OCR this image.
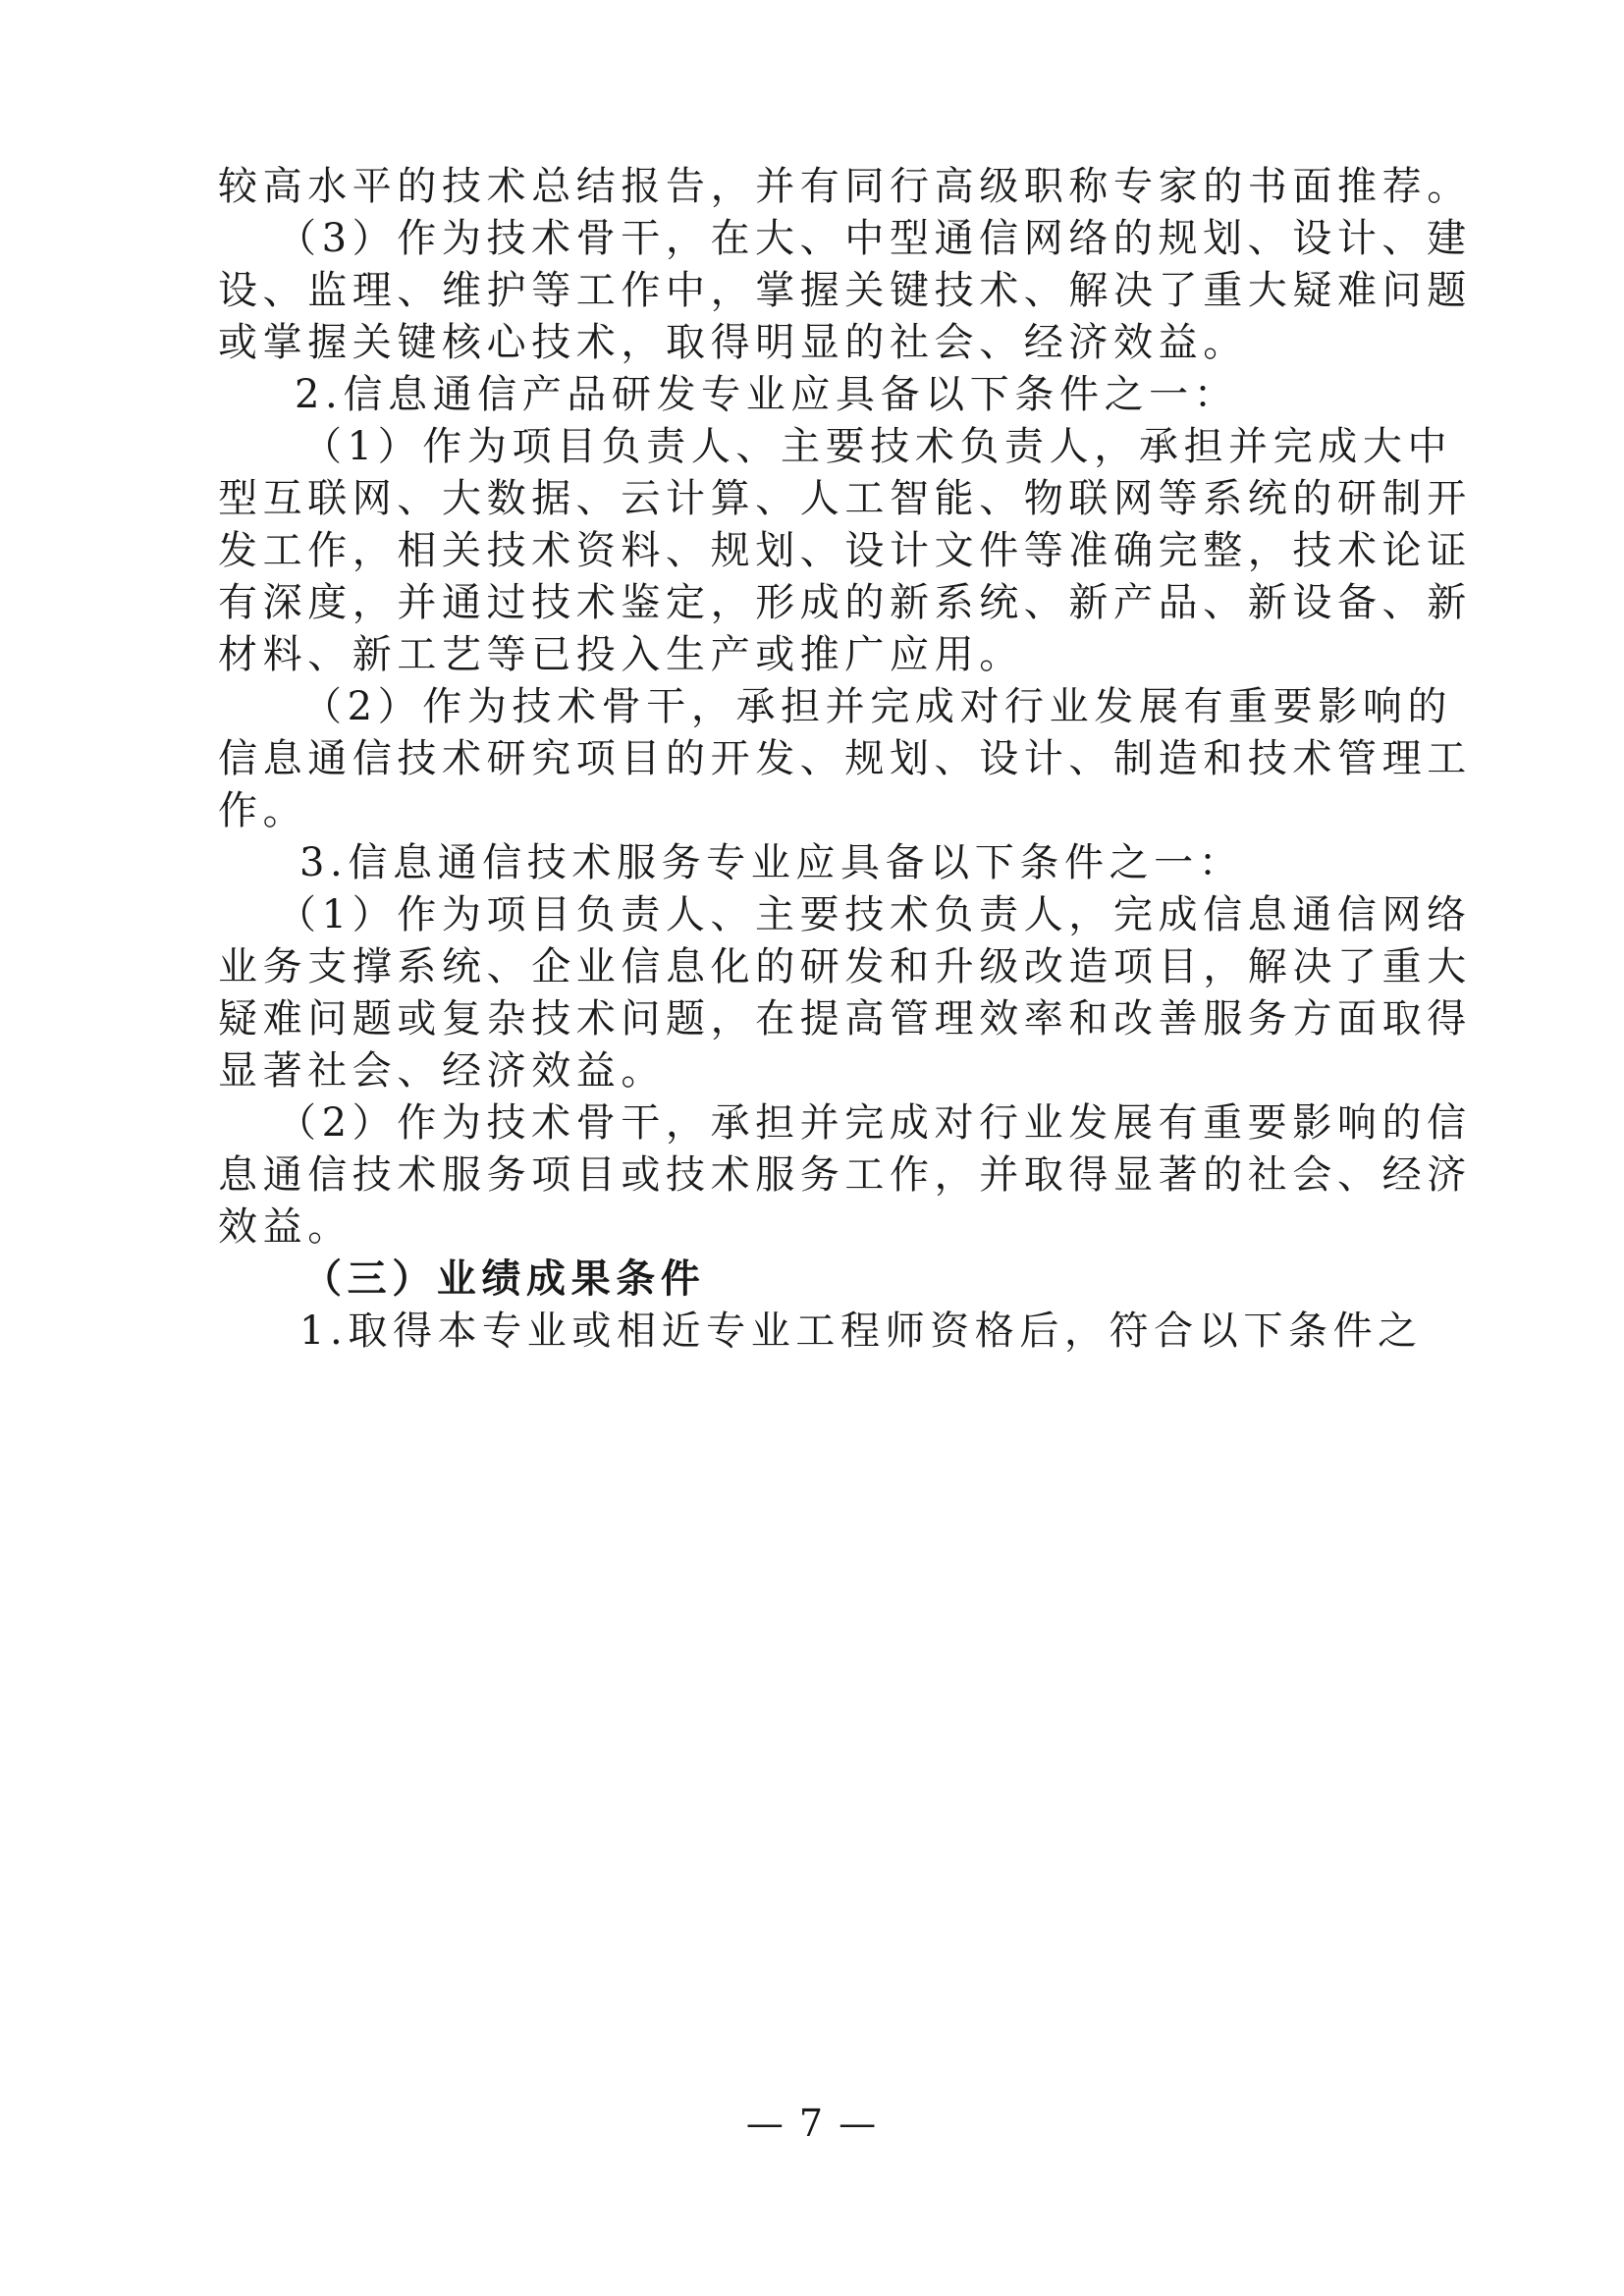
较高水平的技术总结报告，并有同行高级职称专家的书面推荐。
（3）作为技术骨干，在大、中型通信网络的规划、设计、建
设、监理、维护等工作中，掌握关键技术、解决了重大疑难问题
或掌握关键核心技术，取得明显的社会、经济效益。
2.信息通信产品研发专业应具备以下条件之一：
（1）作为项目负责人、主要技术负责人，承担并完成大中
型互联网、大数据、云计算、人工智能、物联网等系统的研制开
发工作，相关技术资料、规划、设计文件等准确完整，技术论证
有深度，并通过技术鉴定，形成的新系统、新产品、新设备、新
材料、新工艺等已投入生产或推广应用。
（2）作为技术骨干，承担并完成对行业发展有重要影响的
信息通信技术研究项目的开发、规划、设计、制造和技术管理工
作。
3.信息通信技术服务专业应具备以下条件之一：
（1）作为项目负责人、主要技术负责人，完成信息通信网络
业务支撑系统、企业信息化的研发和升级改造项目，解决了重大
疑难问题或复杂技术问题，在提高管理效率和改善服务方面取得
显著社会、经济效益。
（2）作为技术骨干，承担并完成对行业发展有重要影响的信
息通信技术服务项目或技术服务工作，并取得显著的社会、经济
效益。
（三）业绩成果条件
1.取得本专业或相近专业工程师资格后，符合以下条件之
— 7 —
